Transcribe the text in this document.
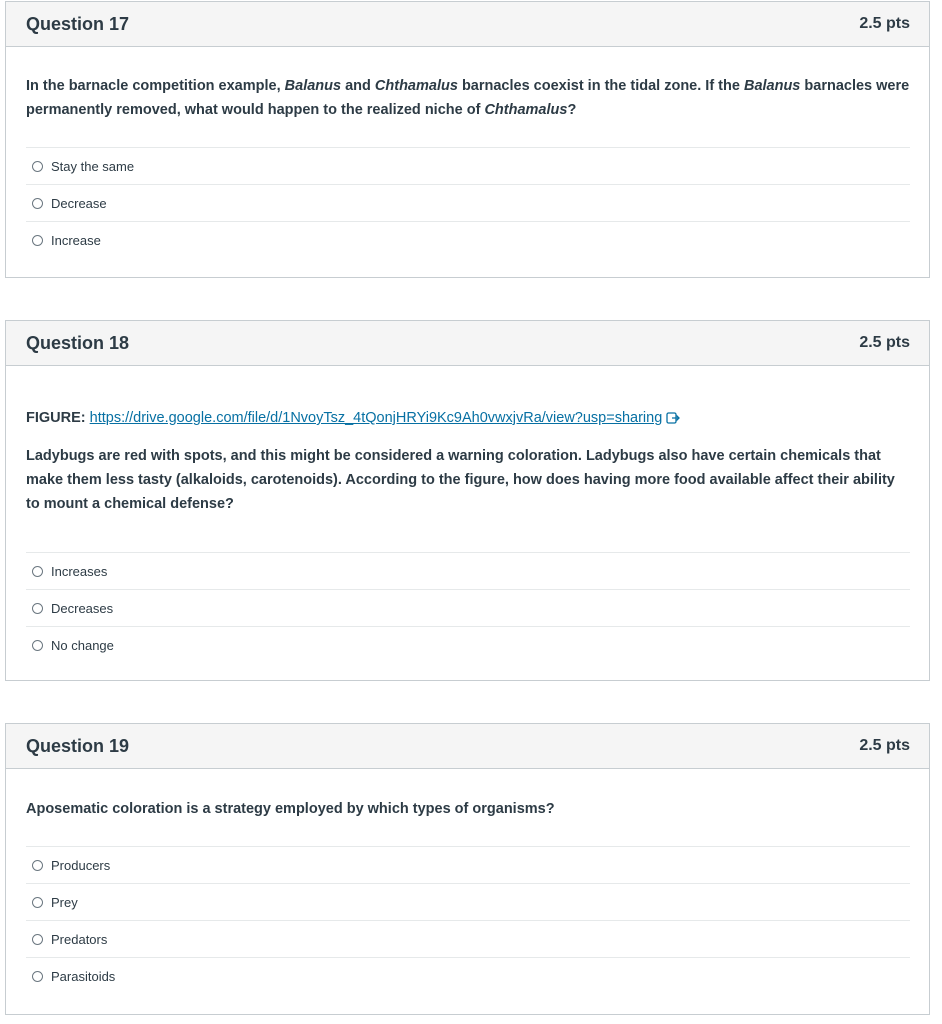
Question 17	2.5 pts
In the barnacle competition example, Balanus and Chthamalus barnacles coexist in the tidal zone. If the Balanus barnacles were permanently removed, what would happen to the realized niche of Chthamalus?
Stay the same
Decrease
Increase
Question 18	2.5 pts
FIGURE: https://drive.google.com/file/d/1NvoyTsz_4tQonjHRYi9Kc9Ah0vwxjvRa/view?usp=sharing
Ladybugs are red with spots, and this might be considered a warning coloration. Ladybugs also have certain chemicals that make them less tasty (alkaloids, carotenoids). According to the figure, how does having more food available affect their ability to mount a chemical defense?
Increases
Decreases
No change
Question 19	2.5 pts
Aposematic coloration is a strategy employed by which types of organisms?
Producers
Prey
Predators
Parasitoids
